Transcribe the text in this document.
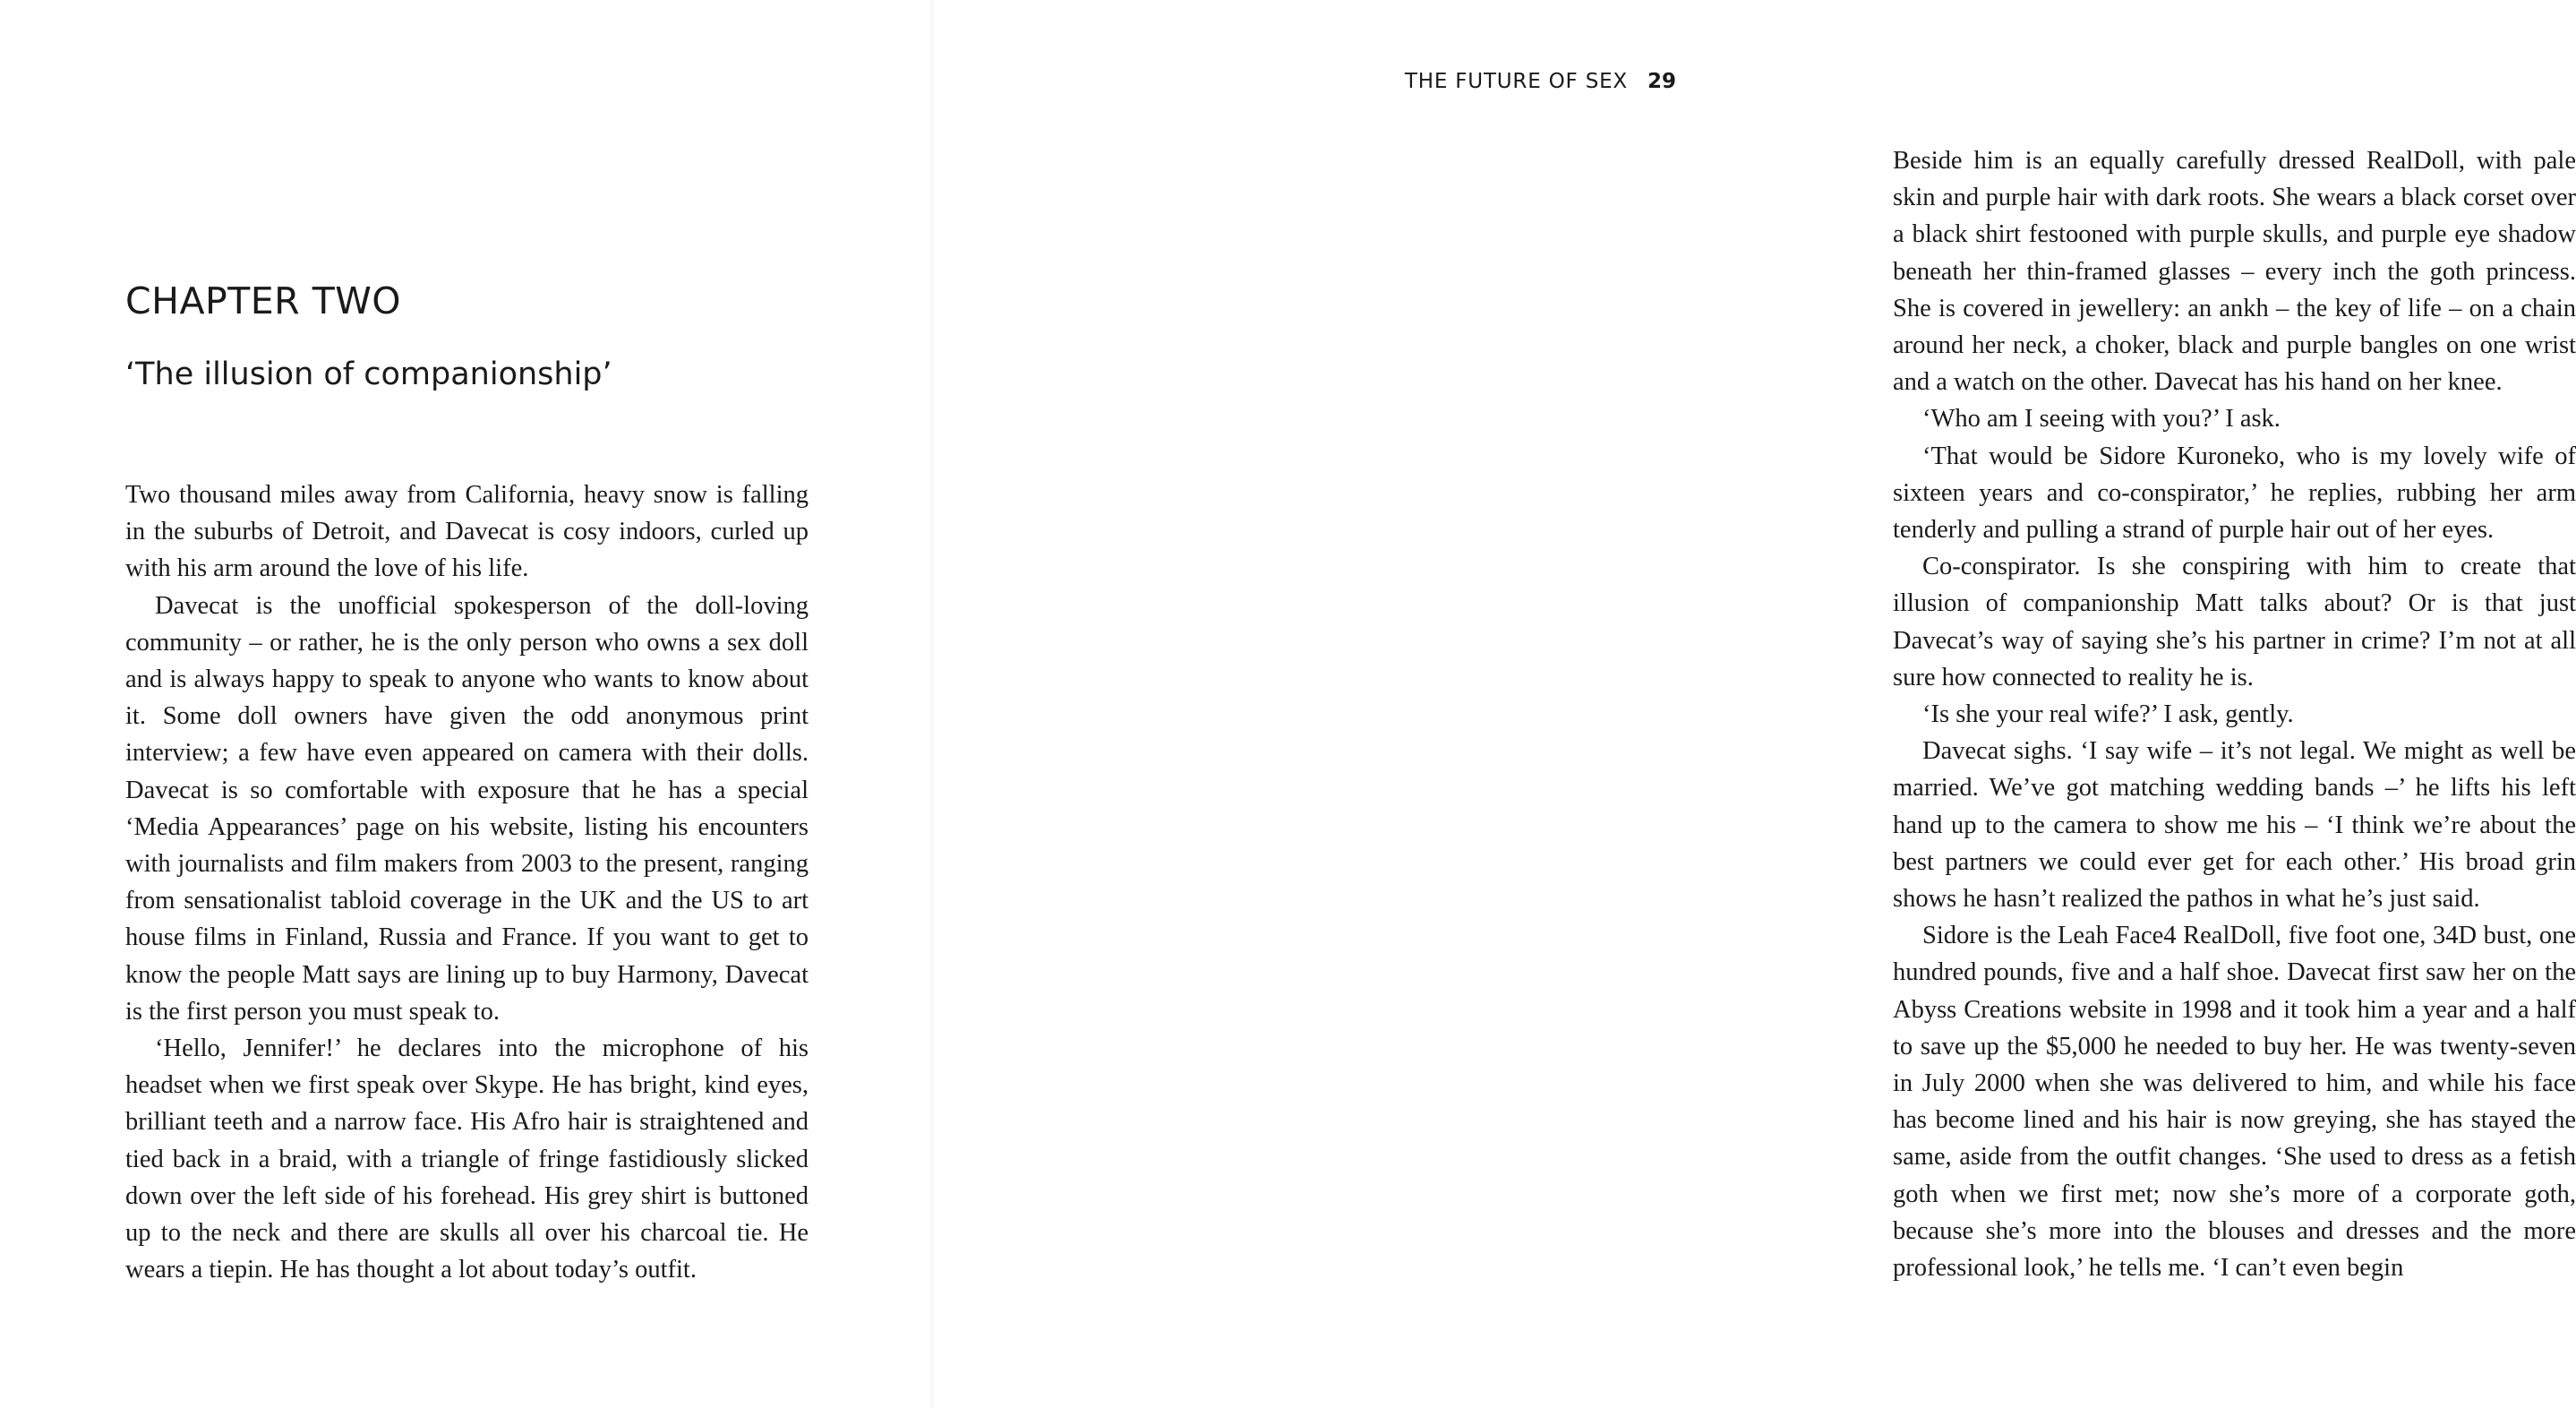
CHAPTER TWO
‘The illusion of companionship’

Two thousand miles away from California, heavy snow is falling in the suburbs of Detroit, and Davecat is cosy indoors, curled up with his arm around the love of his life.

Davecat is the unofficial spokesperson of the doll-loving community – or rather, he is the only person who owns a sex doll and is always happy to speak to anyone who wants to know about it. Some doll owners have given the odd anonymous print interview; a few have even appeared on camera with their dolls. Davecat is so comfortable with exposure that he has a special ‘Media Appearances’ page on his website, listing his encounters with journalists and film makers from 2003 to the present, ranging from sensationalist tabloid coverage in the UK and the US to art house films in Finland, Russia and France. If you want to get to know the people Matt says are lining up to buy Harmony, Davecat is the first person you must speak to.

‘Hello, Jennifer!’ he declares into the microphone of his headset when we first speak over Skype. He has bright, kind eyes, brilliant teeth and a narrow face. His Afro hair is straightened and tied back in a braid, with a triangle of fringe fastidiously slicked down over the left side of his forehead. His grey shirt is buttoned up to the neck and there are skulls all over his charcoal tie. He wears a tiepin. He has thought a lot about today’s outfit.

THE FUTURE OF SEX 29

Beside him is an equally carefully dressed RealDoll, with pale skin and purple hair with dark roots. She wears a black corset over a black shirt festooned with purple skulls, and purple eye shadow beneath her thin-framed glasses – every inch the goth princess. She is covered in jewellery: an ankh – the key of life – on a chain around her neck, a choker, black and purple bangles on one wrist and a watch on the other. Davecat has his hand on her knee.

‘Who am I seeing with you?’ I ask.

‘That would be Sidore Kuroneko, who is my lovely wife of sixteen years and co-conspirator,’ he replies, rubbing her arm tenderly and pulling a strand of purple hair out of her eyes.

Co-conspirator. Is she conspiring with him to create that illusion of companionship Matt talks about? Or is that just Davecat’s way of saying she’s his partner in crime? I’m not at all sure how connected to reality he is.

‘Is she your real wife?’ I ask, gently.

Davecat sighs. ‘I say wife – it’s not legal. We might as well be married. We’ve got matching wedding bands –’ he lifts his left hand up to the camera to show me his – ‘I think we’re about the best partners we could ever get for each other.’ His broad grin shows he hasn’t realized the pathos in what he’s just said.

Sidore is the Leah Face4 RealDoll, five foot one, 34D bust, one hundred pounds, five and a half shoe. Davecat first saw her on the Abyss Creations website in 1998 and it took him a year and a half to save up the $5,000 he needed to buy her. He was twenty-seven in July 2000 when she was delivered to him, and while his face has become lined and his hair is now greying, she has stayed the same, aside from the outfit changes. ‘She used to dress as a fetish goth when we first met; now she’s more of a corporate goth, because she’s more into the blouses and dresses and the more professional look,’ he tells me. ‘I can’t even begin
